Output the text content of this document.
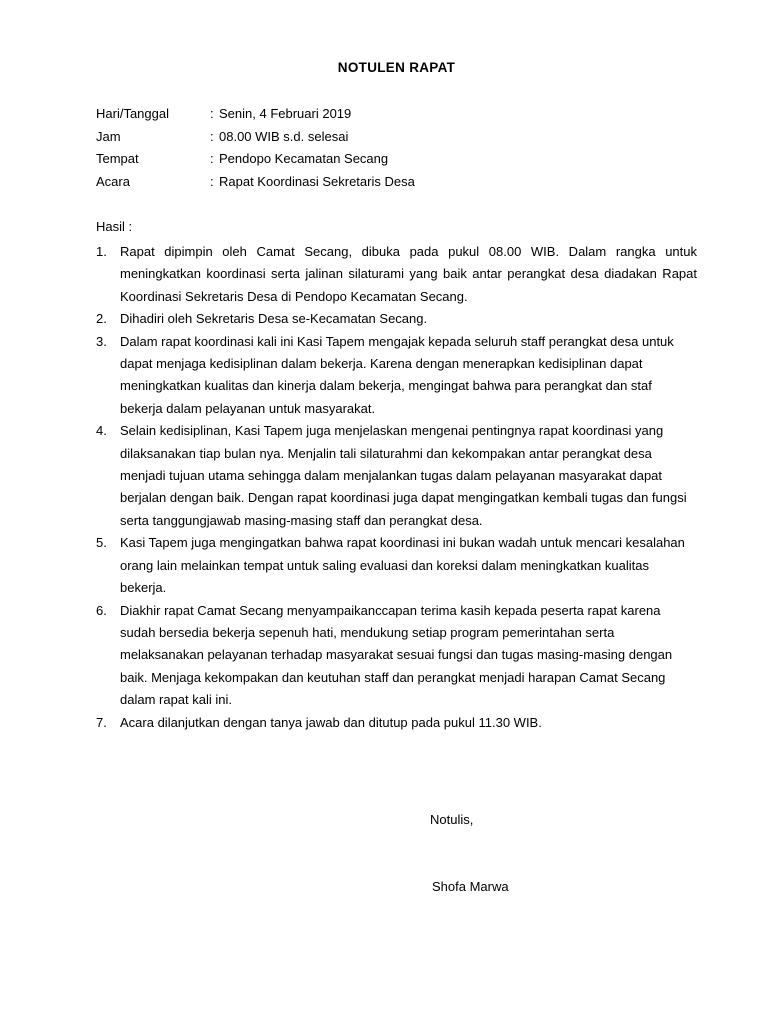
NOTULEN RAPAT
Hari/Tanggal	: Senin, 4 Februari 2019
Jam	: 08.00 WIB s.d. selesai
Tempat	: Pendopo Kecamatan Secang
Acara	: Rapat Koordinasi Sekretaris Desa
Hasil :
1.	Rapat dipimpin oleh Camat Secang, dibuka pada pukul 08.00 WIB. Dalam rangka untuk meningkatkan koordinasi serta jalinan silaturami yang baik antar perangkat desa diadakan Rapat Koordinasi Sekretaris Desa di Pendopo Kecamatan Secang.
2.	Dihadiri oleh Sekretaris Desa se-Kecamatan Secang.
3.	Dalam rapat koordinasi kali ini Kasi Tapem mengajak kepada seluruh staff perangkat desa untuk dapat menjaga kedisiplinan dalam bekerja. Karena dengan menerapkan kedisiplinan dapat meningkatkan kualitas dan kinerja dalam bekerja, mengingat bahwa para perangkat dan staf bekerja dalam pelayanan untuk masyarakat.
4.	Selain kedisiplinan, Kasi Tapem juga menjelaskan mengenai pentingnya rapat koordinasi yang dilaksanakan tiap bulan nya. Menjalin tali silaturahmi dan kekompakan antar perangkat desa menjadi tujuan utama sehingga dalam menjalankan tugas dalam pelayanan masyarakat dapat berjalan dengan baik. Dengan rapat koordinasi juga dapat mengingatkan kembali tugas dan fungsi serta tanggungjawab masing-masing staff dan perangkat desa.
5.	Kasi Tapem juga mengingatkan bahwa rapat koordinasi ini bukan wadah untuk mencari kesalahan orang lain melainkan tempat untuk saling evaluasi dan koreksi dalam meningkatkan kualitas bekerja.
6.	Diakhir rapat Camat Secang menyampaikanccapan terima kasih kepada peserta rapat karena sudah bersedia bekerja sepenuh hati, mendukung setiap program pemerintahan serta melaksanakan pelayanan terhadap masyarakat sesuai fungsi dan tugas masing-masing dengan baik. Menjaga kekompakan dan keutuhan staff dan perangkat menjadi harapan Camat Secang dalam rapat kali ini.
7.	Acara dilanjutkan dengan tanya jawab dan ditutup pada pukul 11.30 WIB.
Notulis,
Shofa Marwa
